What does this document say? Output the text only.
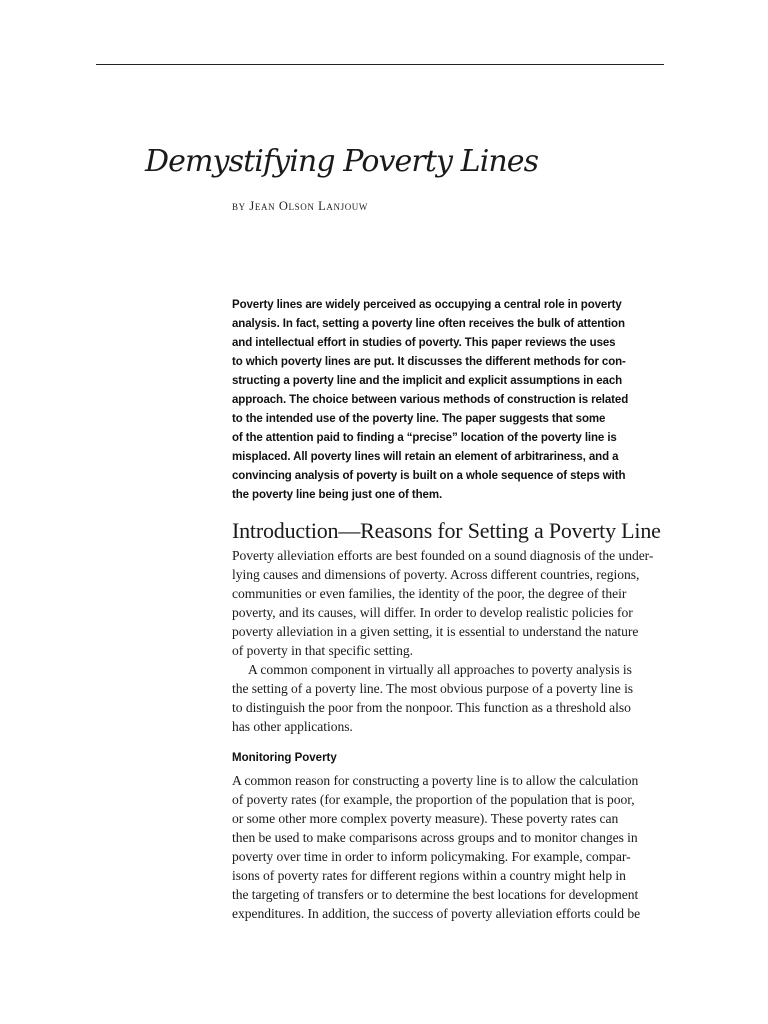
Demystifying Poverty Lines
by Jean Olson Lanjouw
Poverty lines are widely perceived as occupying a central role in poverty
analysis. In fact, setting a poverty line often receives the bulk of attention
and intellectual effort in studies of poverty. This paper reviews the uses
to which poverty lines are put. It discusses the different methods for con-
structing a poverty line and the implicit and explicit assumptions in each
approach. The choice between various methods of construction is related
to the intended use of the poverty line. The paper suggests that some
of the attention paid to finding a “precise” location of the poverty line is
misplaced. All poverty lines will retain an element of arbitrariness, and a
convincing analysis of poverty is built on a whole sequence of steps with
the poverty line being just one of them.
Introduction—Reasons for Setting a Poverty Line
Poverty alleviation efforts are best founded on a sound diagnosis of the under-
lying causes and dimensions of poverty. Across different countries, regions,
communities or even families, the identity of the poor, the degree of their
poverty, and its causes, will differ. In order to develop realistic policies for
poverty alleviation in a given setting, it is essential to understand the nature
of poverty in that specific setting.
A common component in virtually all approaches to poverty analysis is
the setting of a poverty line. The most obvious purpose of a poverty line is
to distinguish the poor from the nonpoor. This function as a threshold also
has other applications.
Monitoring Poverty
A common reason for constructing a poverty line is to allow the calculation
of poverty rates (for example, the proportion of the population that is poor,
or some other more complex poverty measure). These poverty rates can
then be used to make comparisons across groups and to monitor changes in
poverty over time in order to inform policymaking. For example, compar-
isons of poverty rates for different regions within a country might help in
the targeting of transfers or to determine the best locations for development
expenditures. In addition, the success of poverty alleviation efforts could be
